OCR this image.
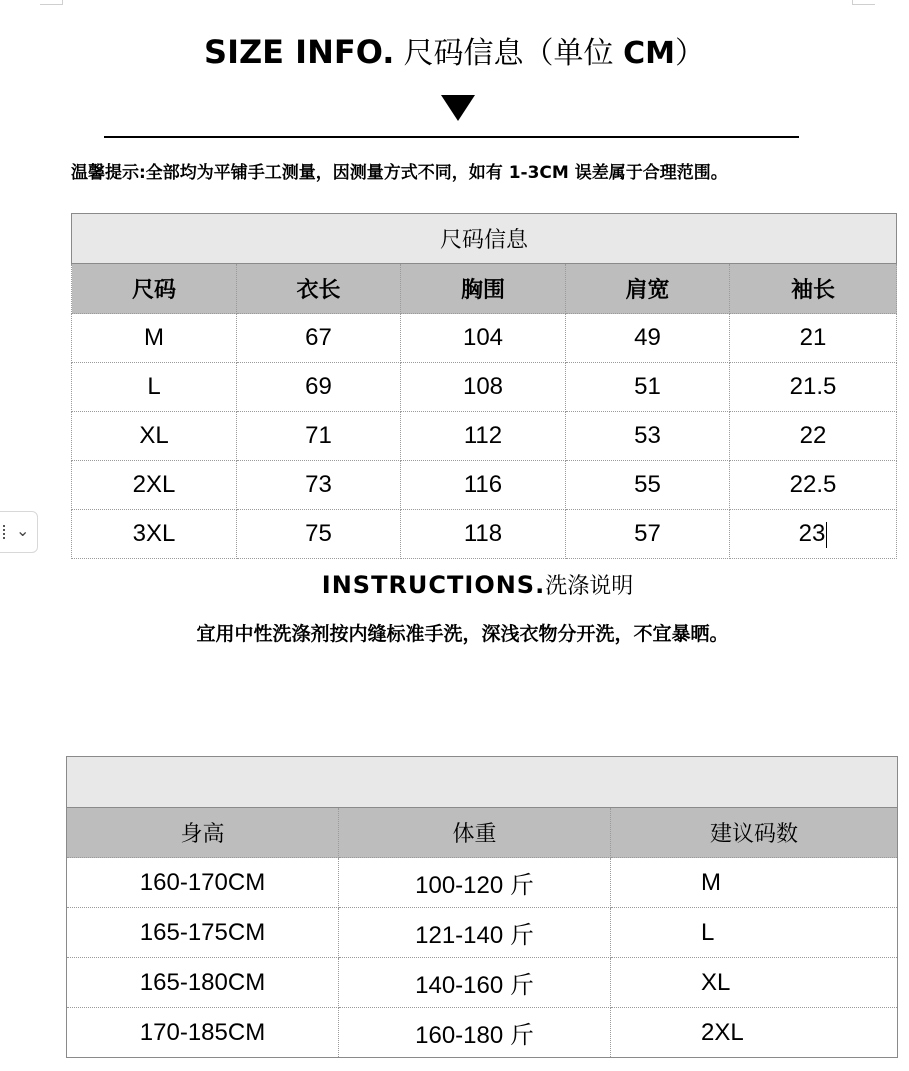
SIZE INFO. 尺码信息（单位 CM）
温馨提示:全部均为平铺手工测量，因测量方式不同，如有 1-3CM 误差属于合理范围。
尺码信息				
尺码	衣长	胸围	肩宽	袖长
M	67	104	49	21
L	69	108	51	21.5
XL	71	112	53	22
2XL	73	116	55	22.5
3XL	75	118	57	23
⌄
INSTRUCTIONS.洗涤说明
宜用中性洗涤剂按内缝标准手洗，深浅衣物分开洗，不宜暴晒。

身高	体重	建议码数
160-170CM	100-120 斤	M
165-175CM	121-140 斤	L
165-180CM	140-160 斤	XL
170-185CM	160-180 斤	2XL
